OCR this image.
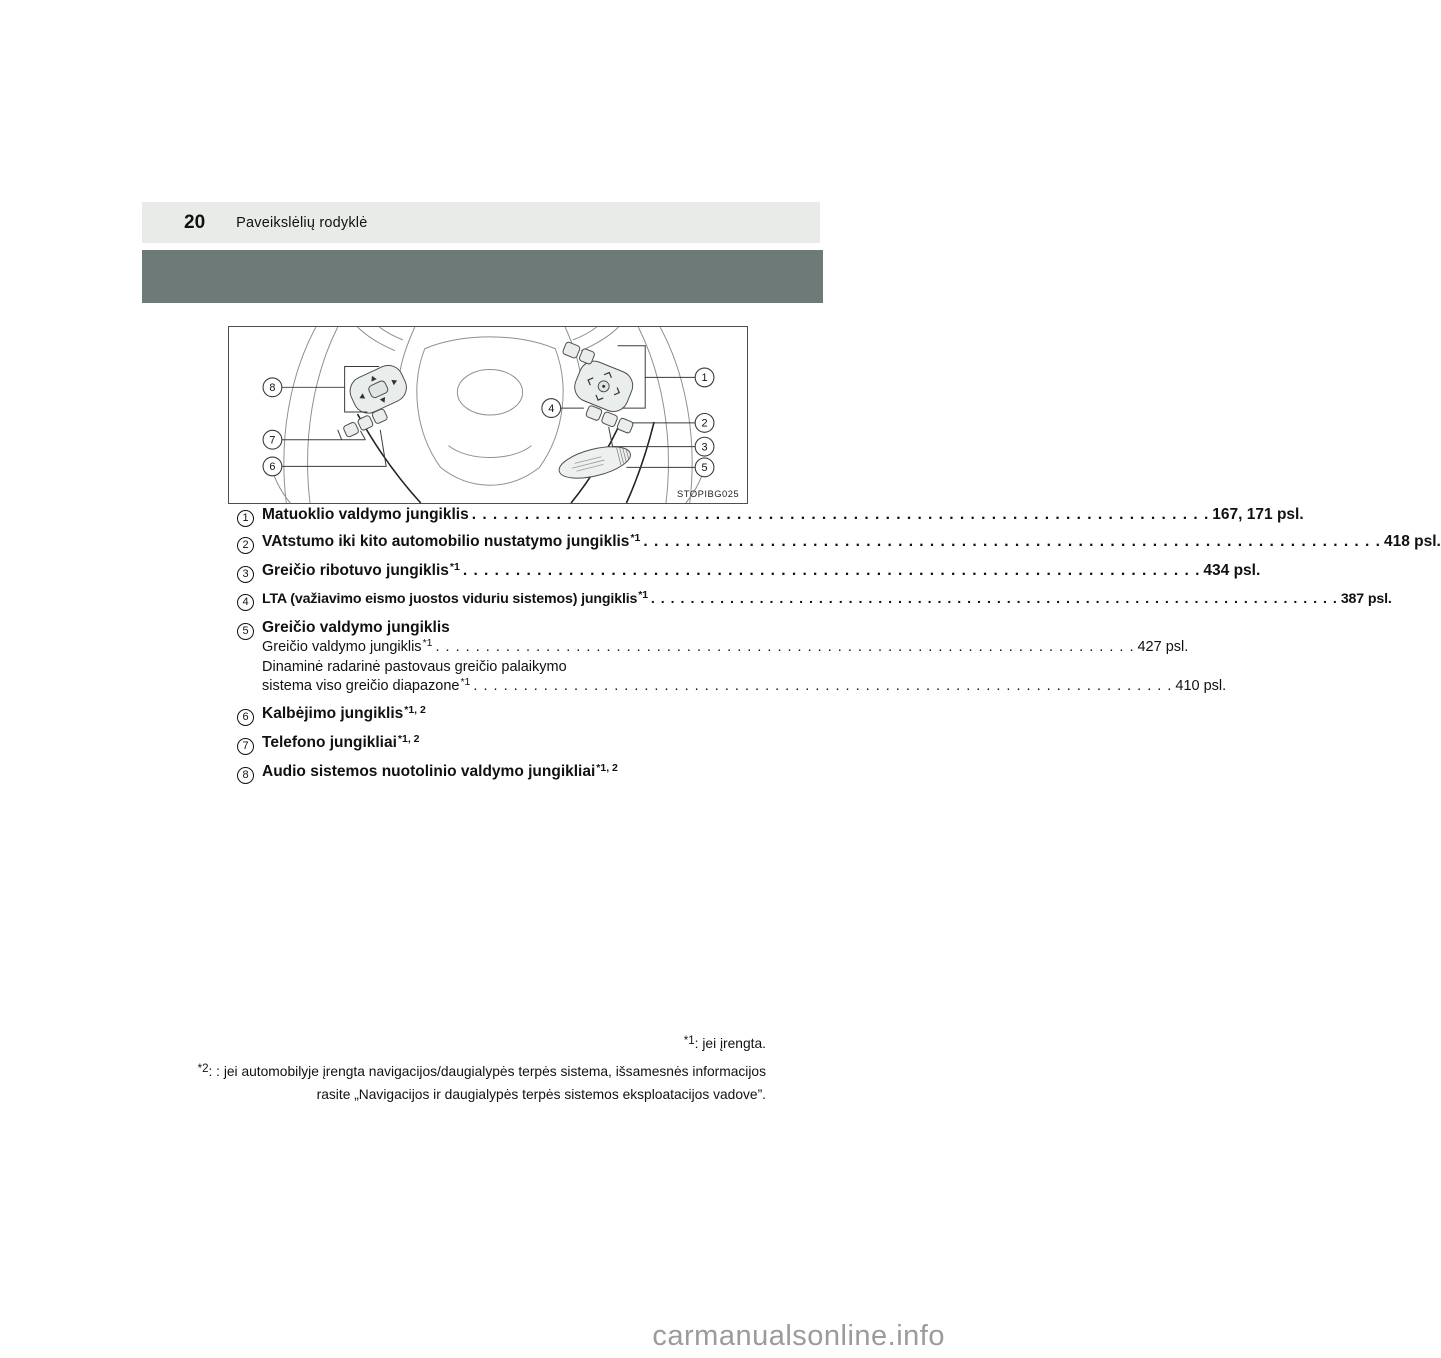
20 Paveikslėlių rodyklė
1
2
3
4
5
6
7
8
STOPIBG025
1 Matuoklio valdymo jungiklis . . . . . . . . . . . . . . . . . . . . . . . . . . . . . . . . . . . . . . . . . . . . . . . . . . . . . . . . . . . . . . . . . . . . . . 167, 171 psl.
2 VAtstumo iki kito automobilio nustatymo jungiklis *1 . . . . . . . . . . . . . . . . . . . . . . . . . . . . . . . . . . . . . . . . . . . . . . . . . . . . . . . . . . . . . . . . . . . . . . 418 psl.
3 Greičio ribotuvo jungiklis *1 . . . . . . . . . . . . . . . . . . . . . . . . . . . . . . . . . . . . . . . . . . . . . . . . . . . . . . . . . . . . . . . . . . . . . . 434 psl.
4 LTA (važiavimo eismo juostos viduriu sistemos) jungiklis *1 . . . . . . . . . . . . . . . . . . . . . . . . . . . . . . . . . . . . . . . . . . . . . . . . . . . . . . . . . . . . . . . . . . . . . . 387 psl.
5 Greičio valdymo jungiklis
Greičio valdymo jungiklis *1 . . . . . . . . . . . . . . . . . . . . . . . . . . . . . . . . . . . . . . . . . . . . . . . . . . . . . . . . . . . . . . . . . . . . . . 427 psl.
Dinaminė radarinė pastovaus greičio palaikymo
sistema viso greičio diapazone *1 . . . . . . . . . . . . . . . . . . . . . . . . . . . . . . . . . . . . . . . . . . . . . . . . . . . . . . . . . . . . . . . . . . . . . . 410 psl.
6 Kalbėjimo jungiklis *1, 2
7 Telefono jungikliai *1, 2
8 Audio sistemos nuotolinio valdymo jungikliai *1, 2

$^{*1}$: jei įrengta.

$^{*2}$: : jei automobilyje įrengta navigacijos/daugialypės terpės sistema, išsamesnės informacijos rasite „Navigacijos ir daugialypės terpės sistemos eksploatacijos vadove”.

carmanualsonline.info
